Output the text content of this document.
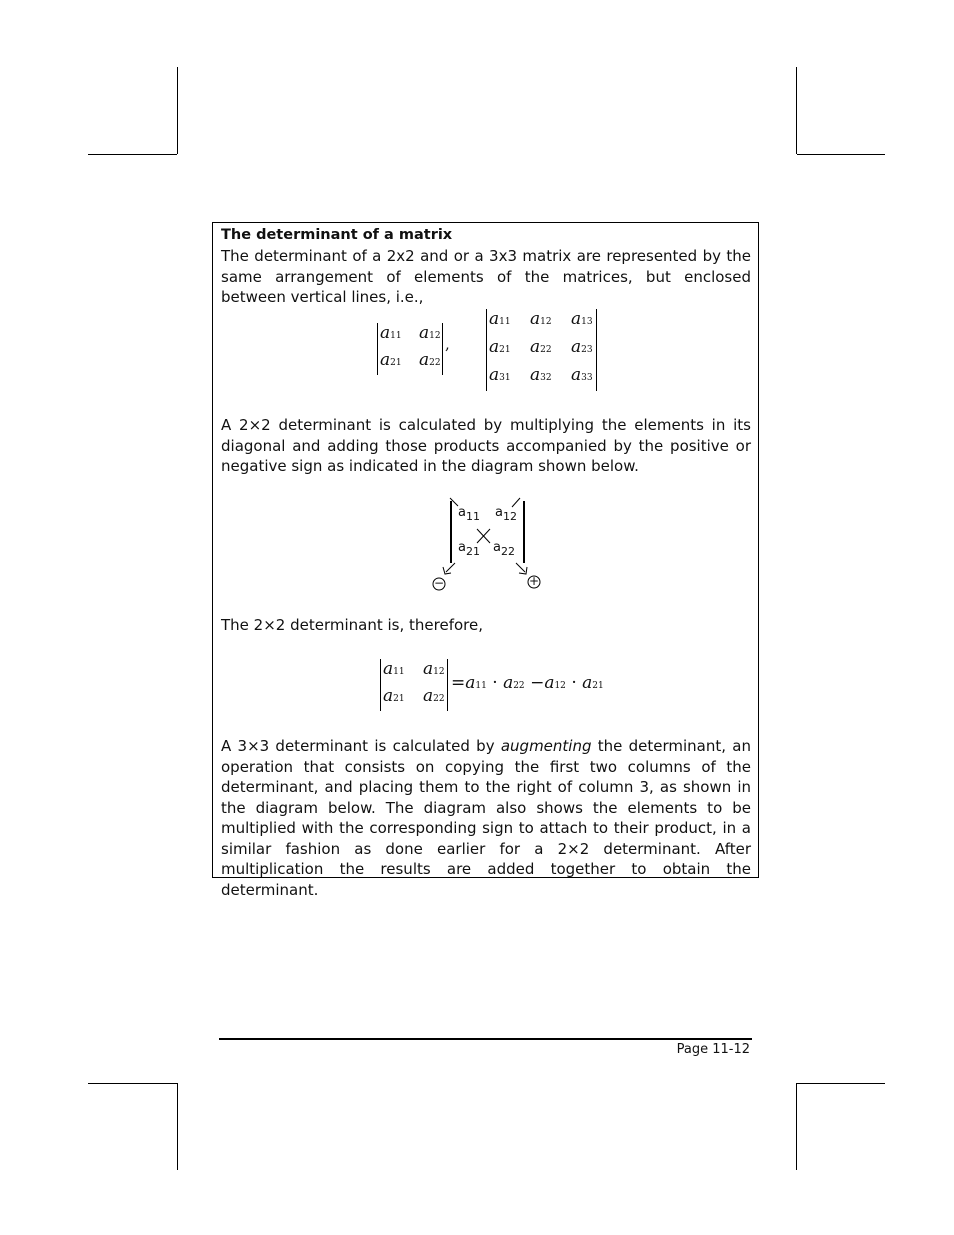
The determinant of a matrix
The determinant of a 2x2 and or a 3x3 matrix are represented by the same arrangement of elements of the matrices, but enclosed between vertical lines, i.e.,
a11 a12
a21 a22
,
a11 a12 a13
a21 a22 a23
a31 a32 a33
A 2×2 determinant is calculated by multiplying the elements in its diagonal and adding those products accompanied by the positive or negative sign as indicated in the diagram shown below.
$a_{11}$ $a_{12}$
$a_{21}$ $a_{22}$
−	+
The 2×2 determinant is, therefore,
a11 a12
a21 a22
=a11 · a22 −a12 · a21
A 3×3 determinant is calculated by augmenting the determinant, an operation that consists on copying the first two columns of the determinant, and placing them to the right of column 3, as shown in the diagram below. The diagram also shows the elements to be multiplied with the corresponding sign to attach to their product, in a similar fashion as done earlier for a 2×2 determinant. After multiplication the results are added together to obtain the determinant.
Page 11-12
